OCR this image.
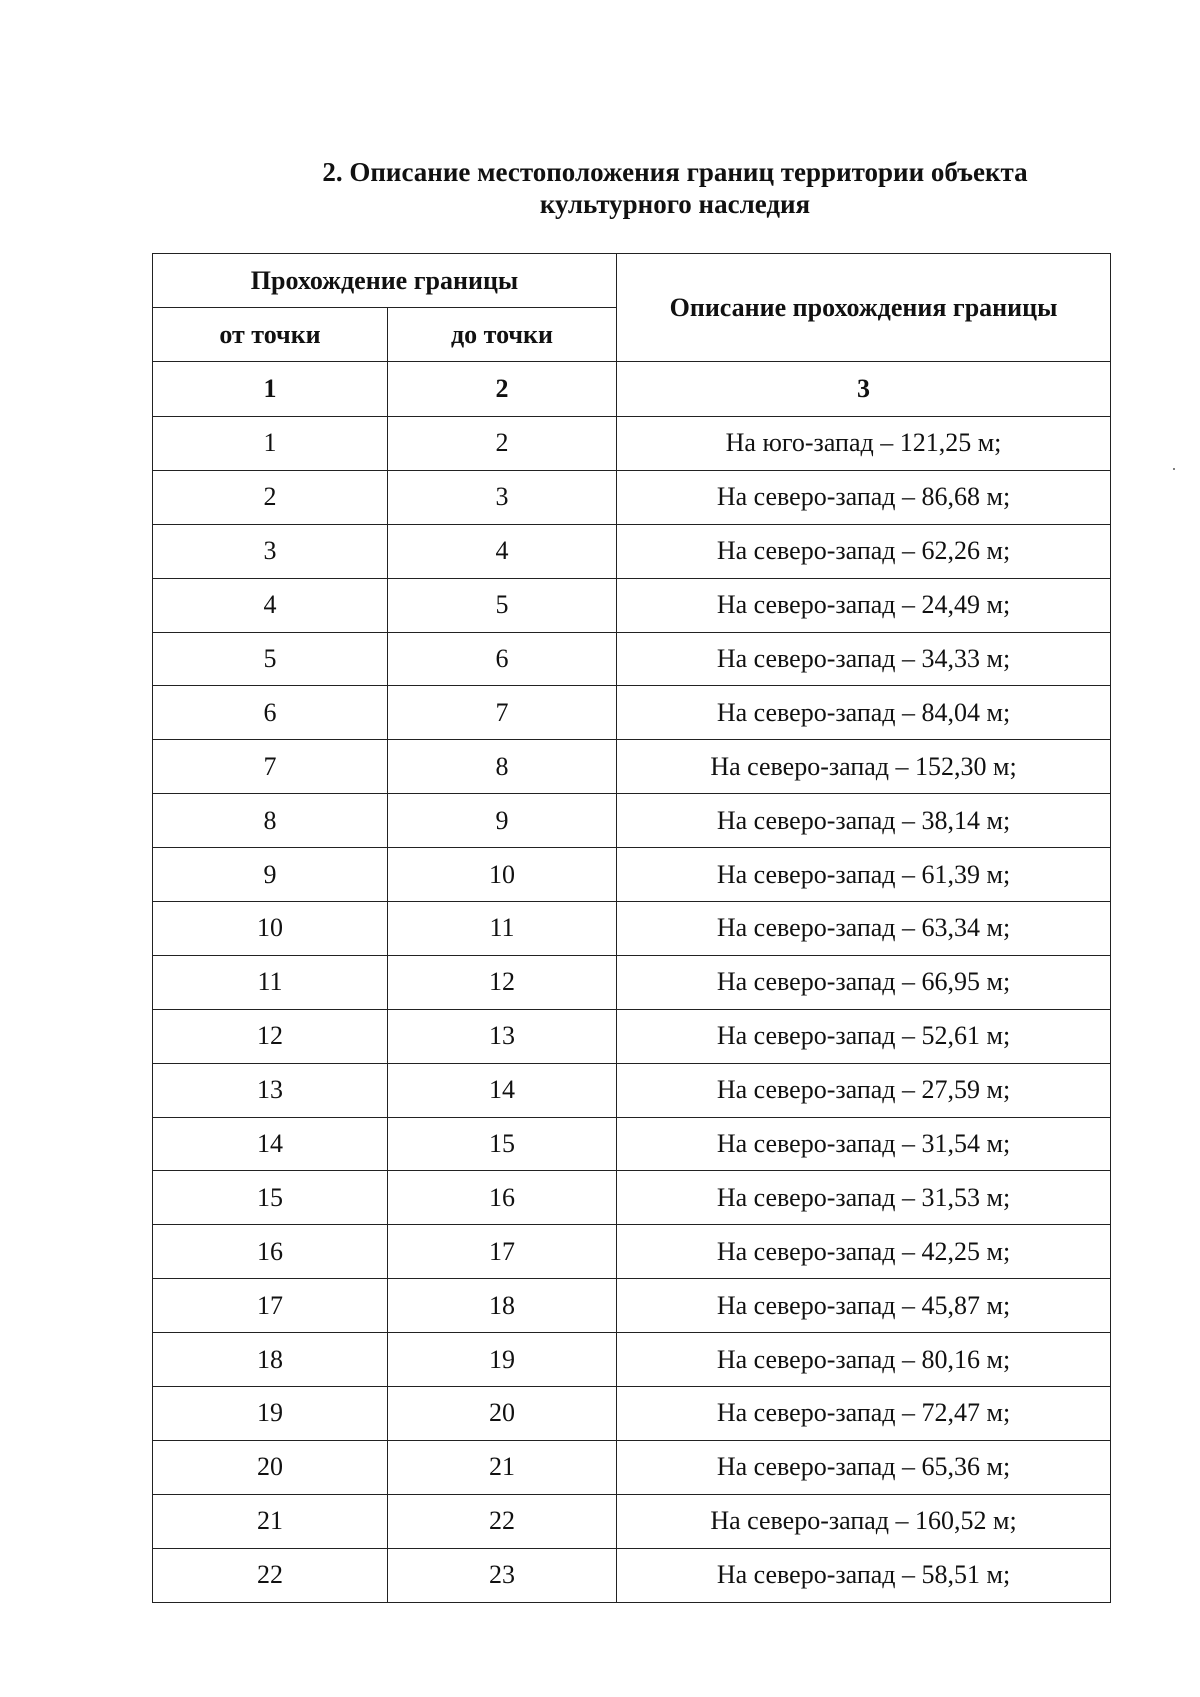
2. Описание местоположения границ территории объекта
культурного наследия
Прохождение границы		Описание прохождения границы
от точки	до точки	
1	2	3
1	2	На юго-запад – 121,25 м;
2	3	На северо-запад – 86,68 м;
3	4	На северо-запад – 62,26 м;
4	5	На северо-запад – 24,49 м;
5	6	На северо-запад – 34,33 м;
6	7	На северо-запад – 84,04 м;
7	8	На северо-запад – 152,30 м;
8	9	На северо-запад – 38,14 м;
9	10	На северо-запад – 61,39 м;
10	11	На северо-запад – 63,34 м;
11	12	На северо-запад – 66,95 м;
12	13	На северо-запад – 52,61 м;
13	14	На северо-запад – 27,59 м;
14	15	На северо-запад – 31,54 м;
15	16	На северо-запад – 31,53 м;
16	17	На северо-запад – 42,25 м;
17	18	На северо-запад – 45,87 м;
18	19	На северо-запад – 80,16 м;
19	20	На северо-запад – 72,47 м;
20	21	На северо-запад – 65,36 м;
21	22	На северо-запад – 160,52 м;
22	23	На северо-запад – 58,51 м;
